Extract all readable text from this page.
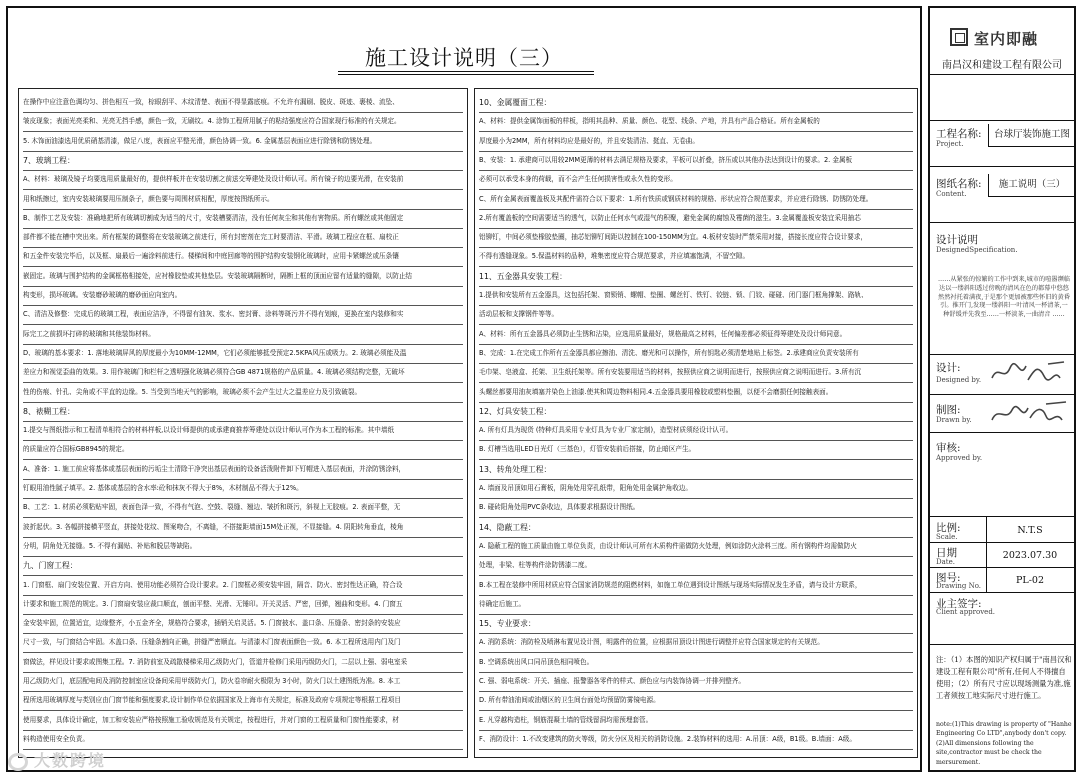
施工设计说明（三）
在操作中应注意色调均匀、拼色相互一致，棕眼刮平、木纹清楚、表面不得显露底痕。不允许有漏刷、脱皮、斑迹、裹棱、流坠、
皱皮现象；表面光亮柔和、光亮无挡手感，颜色一致，无刷纹。4. 涂饰工程所用腻子的粘结强度应符合国家现行标准的有关规定。
5. 木饰面油漆选用优质硝基清漆，做足八度，表面应平整光滑，颜色协调一致。6. 金属基层表面应进行除锈和防锈处理。
7、玻璃工程：
A、材料：玻璃及镜子均要选用质量最好的，提供样板并在安装切割之前送交筹建处及设计师认可。所有镜子的边要光滑，在安装前
用和纸擦过，室内安装玻璃要用压制条子，颜色要与周围材质相配，厚度按图纸所示。
B、制作工艺及安装：准确地把所有玻璃切割成为适当的尺寸，安装槽要清洁，没有任何灰尘和其他有害物质。所有螺丝或其他固定
部件都不能在槽中突出来。所有框架的调整将在安装玻璃之前进行，所有封密剂在完工时要清洁、平滑。玻璃工程应在框、扇校正
和五金件安装完毕后，以及框、扇最后一遍涂料前进行。楼梯间和中庭回廊等的围护结构安装钢化玻璃时，应用卡紧螺丝或压条镶
嵌固定。玻璃与围护结构的金属框格相接处，应衬橡胶垫或其他垫层。安装玻璃隔断时，隔断上框的顶面应留有适量的缝隙，以防止结
构变形，损坏玻璃。安装磨砂玻璃的磨砂面应向室内。
C、清洁及修整：完成后的玻璃工程，表面应洁净，不得留有油灰、浆水、密封膏、涂料等斑污并不得有划痕，更换在室内装修和实
际完工之前损坏打碎的玻璃和其他装饰材料。
D、玻璃的基本要求：1. 落地玻璃屏风的厚度最小为10MM-12MM，它们必须能够抵受预定2.5KPA风压或吸力。2. 玻璃必须能及温
差应力和视觉歪曲的效果。3. 用作玻璃门和栏杆之透明强化玻璃必须符合GB 4871规格的产品质量。4. 玻璃必须结构完整，无破坏
性的伤痕、针孔、尖角或不平直的边缘。5. 当受到当地天气的影响，玻璃必须不会产生过大之温差应力及引致破裂。
8、裱糊工程：
1.提交与图纸指示和工程清单相符合的材料样板,以设计师提供的或承建商推荐筹建处以设计师认可作为本工程的标准。其中墙纸
的质量应符合国标GB8945的规定。
A、准备：1. 施工前应将基体或基层表面的污垢尘土清除干净突出基层表面的设备活泼附件卸下钉帽进入基层表面，并涂防锈涂料，
钉眼用油性腻子填平。2. 基体或基层的含水率:砼和抹灰不得大于8%，木材制品不得大于12%。
B、工艺：1. 材质必须粘贴牢固，表面色泽一致，不得有气泡、空鼓、裂缝、翘边、皱折和斑污，斜视上无胶痕。2. 表面平整，无
波折起伏。3. 各幅拼接横平竖直，拼接处花纹、图案吻合，不离缝，不搭接距墙面15M处正视，不显接缝。4. 阴阳转角垂直，棱角
分明，阴角处无接缝。5. 不得有漏贴、补贴和脱层等缺陷。
九、门窗工程：
1. 门窗框、扇门安装位置、开启方向、使用功能必须符合设计要求。2. 门窗框必须安装牢固，隔音、防火、密封性达正确，符合设
计要求和施工规范的规定。3. 门窗扇安装应裁口顺直，刨面平整、光滑、无锤印。开关灵活、严密，回弹，翘曲和变形。4. 门窗五
金安装牢固，位置适宜，边缘整齐，小五金齐全，规格符合要求，插销关启灵活。5. 门窗披水、盖口条、压缝条、密封条的安装应
尺寸一致，与门窗结合牢固。木盖口条、压缝条割向正确，拼缝严密顺直。与清漆木门窗表面颜色一致。6. 本工程所选用内门及门
窗做法，样见设计要求或图集工程。7. 消防前室及疏散楼梯采用乙级防火门，管道井检修门采用丙级防火门，二层以上强、弱电室采
用乙级防火门，底层配电间及消防控制室应设备间采用甲级防火门，防火卷帘耐火极限为 3小时，防火门以土建图纸为准。8. 本工
程所选用玻璃厚度与类别应由门窗节能和强度要求,设计制作单位依据国家及上海市有关规定，标准及政府专项规定等根据工程项目
使用要求，具体设计确定，加工和安装应严格按照施工验收规范及有关规定，按程进行，并对门窗的工程质量和门窗性能要求，材
料构造使用安全负责。
10、金属覆面工程：
A、材料：提供金属饰面板的样板，指明其品种、质量、颜色、花型、线条、产地，并具有产品合格证。所有金属板的
厚度最小为2MM，所有材料均应是最好的，并且安装清洁、挺直、无卷曲。
B、安装：1. 承建商可以用较2MM更薄的材料去满足规格及要求，平板可以折叠，挤压或以其他办法达到设计的要求。2. 金属板
必须可以承受本身的荷载，而不会产生任何损害性或永久性的变形。
C、所有金属表面覆盖板及其配件需符合以下要求：1.所有铁质或钢质材料的规格、形状应符合规范要求，并应进行除锈、防锈防处理。
2.所有覆盖板的空间需要适当的透气，以防止任何水气或湿气的积聚，避免金属的腐蚀及霉菌的滋生。3.金属覆盖板安装宜采用抽芯
铝铆钉，中间必须垫橡胶垫圈，抽芯铝铆钉间距以控制在100-150MM为宜。4.板材安装时严禁采用对接，搭接长度应符合设计要求，
不得有透缝现象。5.保温材料的品种，堆集密度应符合规范要求，并应填塞饱满，不留空隙。
11、五金器具安装工程：
1.提供和安装所有五金器具，这包括托架、窗锁销、螺帽、垫圈、螺丝钉、铁钉、铰链、锁、门铰、碰碰、闭门器门框角撑架、路轨、
活动层板和支撑钢件等等。
A、材料：所有五金器具必须防止生锈和沾染，应选用质量最好，规格最高之材料，任何偏差都必须征得筹建处及设计师同意。
B、完成：1.在完成工作所有五金器具都应擦油、清洗、磨光和可以操作，所有钥匙必须清楚地贴上标签。2.承建商应负责安装所有
毛巾架、皂液盒、托架、卫生纸托架等。所有安装要用适当的材料，按照供应商之说明而进行，按照供应商之说明而进行。3.所有沉
头螺丝都要用油灰填塞并染色上油漆.使其和周边物料相同.4.五金器具要用橡胶或塑料垫圈，以便不会磨损任何接触表面。
12、灯具安装工程：
A. 所有灯具为现货 (特种灯具采用专业灯具为专业厂家定制)，造型材质须经设计认可。
B. 灯槽当选用LED日光灯（三基色），灯管安装前后搭接，防止暗区产生。
13、转角处理工程：
A. 墙面及吊顶如用石膏板，阴角处用穿孔纸带，阳角处用金属护角收边。
B. 碰砖阳角处用PVC条收边，具体要求根据设计图纸。
14、隐蔽工程：
A. 隐蔽工程的施工质量由施工单位负责，由设计师认可所有木质构件需做防火处理，例如涂防火涂料三度。所有钢构件均需做防火
处理，非梁、柱等构件涂防锈漆二度。
B.本工程在装修中所用材质应符合国家消防规范的阻燃材料，如施工单位遇到设计图纸与现场实际情况发生矛盾，请与设计方联系，
待确定后施工。
15、专业要求：
A. 消防系统：消防栓及喷淋布置见设计图，明露件的位置，应根据吊顶设计图进行调整并应符合国家规定的有关规范。
B. 空调系统出风口同吊顶色相同喷色。
C. 强、弱电系统：开关、插座、报警器各零件的样式、颜色应与内装饰协调一并排列整齐。
D. 所有带油油间或油烟区的卫生间台面处均预留防雾镜电源。
E. 凡穿越构造柱，钢筋混凝土墙的管线留洞均需预埋套管。
F、消防设计：1.不改变建筑的防火等级，防火分区及相关的消防设施。2.装饰材料的选用：A.吊顶：A级，B1级。B.墙面：A级。
室内即融
南昌汉和建设工程有限公司
工程名称:
Project.
台球厅装饰施工图
图纸名称:
Content.
施工说明（三）
设计说明
DesignedSpecification.
……从紧张的惊繁的工作中到来,城市的喧嚣濒临达以一缕斜阳透过傍晚的清风在色的都幕中悠悠然然衬托着满夜,于是那个更加被那些怀旧的黄昏引。推开门,发现一缕斜阳一叶清风一杯清茶,一种舒缓并先我至……一杯淡茶,一曲清音 ……
设计:
Designed by.
制图:
Drawn by.
审核:
Approved by.
比例:
Scale.
N.T.S
日期
Date.
2023.07.30
图号:
Drawing No.	PL-02
业主签字:
Client approved.
注：（1）本图的知识产权归属于"南昌汉和建设工程有限公司"所有,任何人不得擅自使用；（2）所有尺寸应以现场测量为准,施工者须按工地实际尺寸进行施工。
note:(1)This drawing is property of "Hanhe Engineering Co LTD",anybody don't copy. (2)All dimensions following the site,contractor must be check the mersurement.
大数跨境
